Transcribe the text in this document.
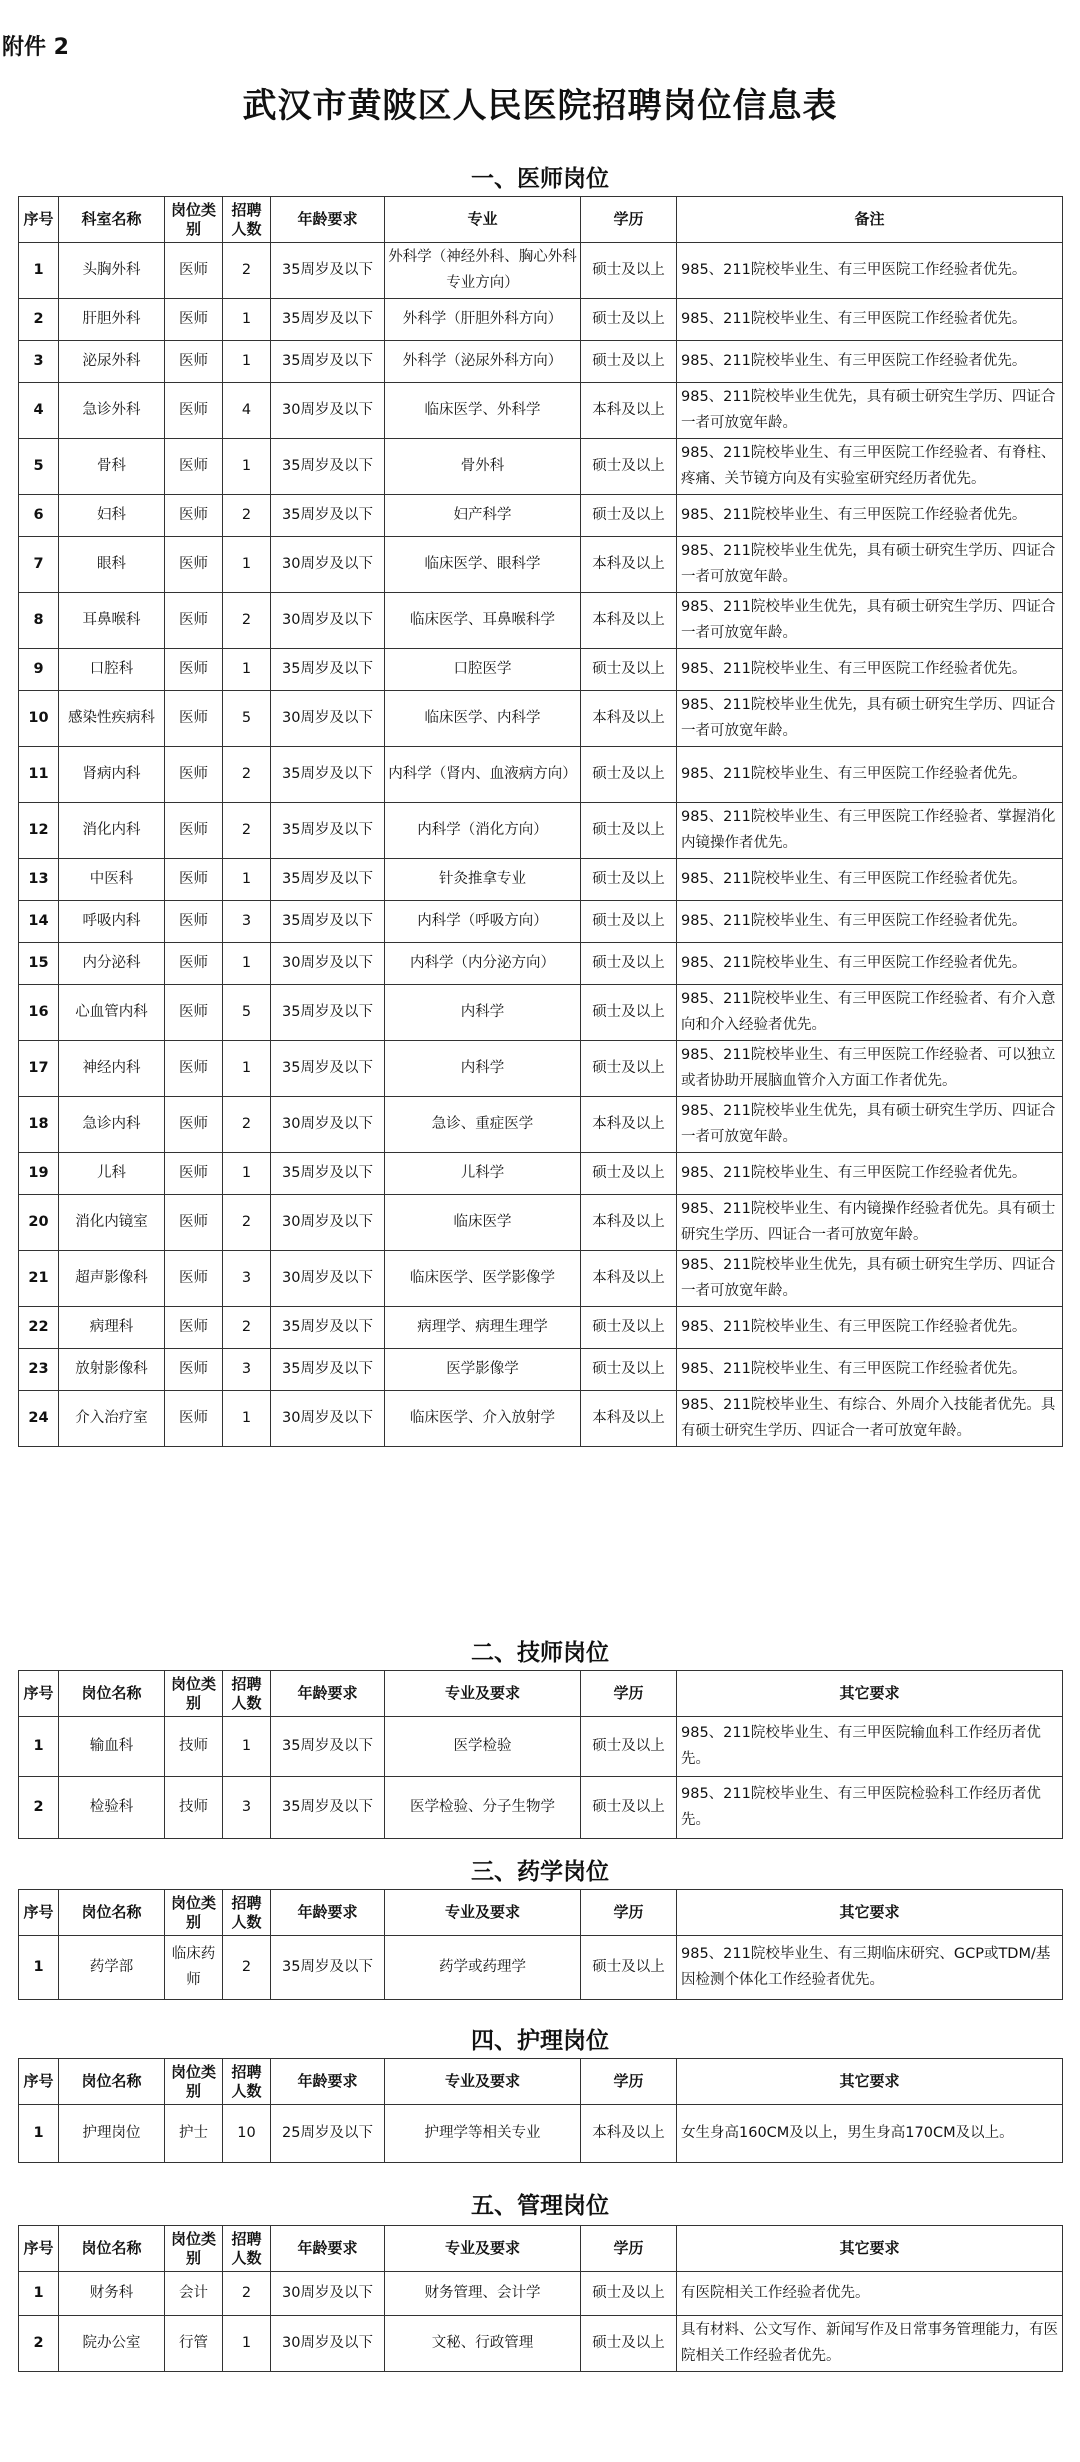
附件 2
武汉市黄陂区人民医院招聘岗位信息表
一、医师岗位
序号	科室名称	岗位类别	招聘人数	年龄要求	专业	学历	备注
1	头胸外科	医师	2	35周岁及以下	外科学（神经外科、胸心外科专业方向）	硕士及以上	985、211院校毕业生、有三甲医院工作经验者优先。
2	肝胆外科	医师	1	35周岁及以下	外科学（肝胆外科方向）	硕士及以上	985、211院校毕业生、有三甲医院工作经验者优先。
3	泌尿外科	医师	1	35周岁及以下	外科学（泌尿外科方向）	硕士及以上	985、211院校毕业生、有三甲医院工作经验者优先。
4	急诊外科	医师	4	30周岁及以下	临床医学、外科学	本科及以上	985、211院校毕业生优先，具有硕士研究生学历、四证合一者可放宽年龄。
5	骨科	医师	1	35周岁及以下	骨外科	硕士及以上	985、211院校毕业生、有三甲医院工作经验者、有脊柱、疼痛、关节镜方向及有实验室研究经历者优先。
6	妇科	医师	2	35周岁及以下	妇产科学	硕士及以上	985、211院校毕业生、有三甲医院工作经验者优先。
7	眼科	医师	1	30周岁及以下	临床医学、眼科学	本科及以上	985、211院校毕业生优先，具有硕士研究生学历、四证合一者可放宽年龄。
8	耳鼻喉科	医师	2	30周岁及以下	临床医学、耳鼻喉科学	本科及以上	985、211院校毕业生优先，具有硕士研究生学历、四证合一者可放宽年龄。
9	口腔科	医师	1	35周岁及以下	口腔医学	硕士及以上	985、211院校毕业生、有三甲医院工作经验者优先。
10	感染性疾病科	医师	5	30周岁及以下	临床医学、内科学	本科及以上	985、211院校毕业生优先，具有硕士研究生学历、四证合一者可放宽年龄。
11	肾病内科	医师	2	35周岁及以下	内科学（肾内、血液病方向）	硕士及以上	985、211院校毕业生、有三甲医院工作经验者优先。
12	消化内科	医师	2	35周岁及以下	内科学（消化方向）	硕士及以上	985、211院校毕业生、有三甲医院工作经验者、掌握消化内镜操作者优先。
13	中医科	医师	1	35周岁及以下	针灸推拿专业	硕士及以上	985、211院校毕业生、有三甲医院工作经验者优先。
14	呼吸内科	医师	3	35周岁及以下	内科学（呼吸方向）	硕士及以上	985、211院校毕业生、有三甲医院工作经验者优先。
15	内分泌科	医师	1	30周岁及以下	内科学（内分泌方向）	硕士及以上	985、211院校毕业生、有三甲医院工作经验者优先。
16	心血管内科	医师	5	35周岁及以下	内科学	硕士及以上	985、211院校毕业生、有三甲医院工作经验者、有介入意向和介入经验者优先。
17	神经内科	医师	1	35周岁及以下	内科学	硕士及以上	985、211院校毕业生、有三甲医院工作经验者、可以独立或者协助开展脑血管介入方面工作者优先。
18	急诊内科	医师	2	30周岁及以下	急诊、重症医学	本科及以上	985、211院校毕业生优先，具有硕士研究生学历、四证合一者可放宽年龄。
19	儿科	医师	1	35周岁及以下	儿科学	硕士及以上	985、211院校毕业生、有三甲医院工作经验者优先。
20	消化内镜室	医师	2	30周岁及以下	临床医学	本科及以上	985、211院校毕业生、有内镜操作经验者优先。具有硕士研究生学历、四证合一者可放宽年龄。
21	超声影像科	医师	3	30周岁及以下	临床医学、医学影像学	本科及以上	985、211院校毕业生优先，具有硕士研究生学历、四证合一者可放宽年龄。
22	病理科	医师	2	35周岁及以下	病理学、病理生理学	硕士及以上	985、211院校毕业生、有三甲医院工作经验者优先。
23	放射影像科	医师	3	35周岁及以下	医学影像学	硕士及以上	985、211院校毕业生、有三甲医院工作经验者优先。
24	介入治疗室	医师	1	30周岁及以下	临床医学、介入放射学	本科及以上	985、211院校毕业生、有综合、外周介入技能者优先。具有硕士研究生学历、四证合一者可放宽年龄。
二、技师岗位
序号	岗位名称	岗位类别	招聘人数	年龄要求	专业及要求	学历	其它要求
1	输血科	技师	1	35周岁及以下	医学检验	硕士及以上	985、211院校毕业生、有三甲医院输血科工作经历者优先。
2	检验科	技师	3	35周岁及以下	医学检验、分子生物学	硕士及以上	985、211院校毕业生、有三甲医院检验科工作经历者优先。
三、药学岗位
序号	岗位名称	岗位类别	招聘人数	年龄要求	专业及要求	学历	其它要求
1	药学部	临床药师	2	35周岁及以下	药学或药理学	硕士及以上	985、211院校毕业生、有三期临床研究、GCP或TDM/基因检测个体化工作经验者优先。
四、护理岗位
序号	岗位名称	岗位类别	招聘人数	年龄要求	专业及要求	学历	其它要求
1	护理岗位	护士	10	25周岁及以下	护理学等相关专业	本科及以上	女生身高160CM及以上，男生身高170CM及以上。
五、管理岗位
序号	岗位名称	岗位类别	招聘人数	年龄要求	专业及要求	学历	其它要求
1	财务科	会计	2	30周岁及以下	财务管理、会计学	硕士及以上	有医院相关工作经验者优先。
2	院办公室	行管	1	30周岁及以下	文秘、行政管理	硕士及以上	具有材料、公文写作、新闻写作及日常事务管理能力，有医院相关工作经验者优先。
